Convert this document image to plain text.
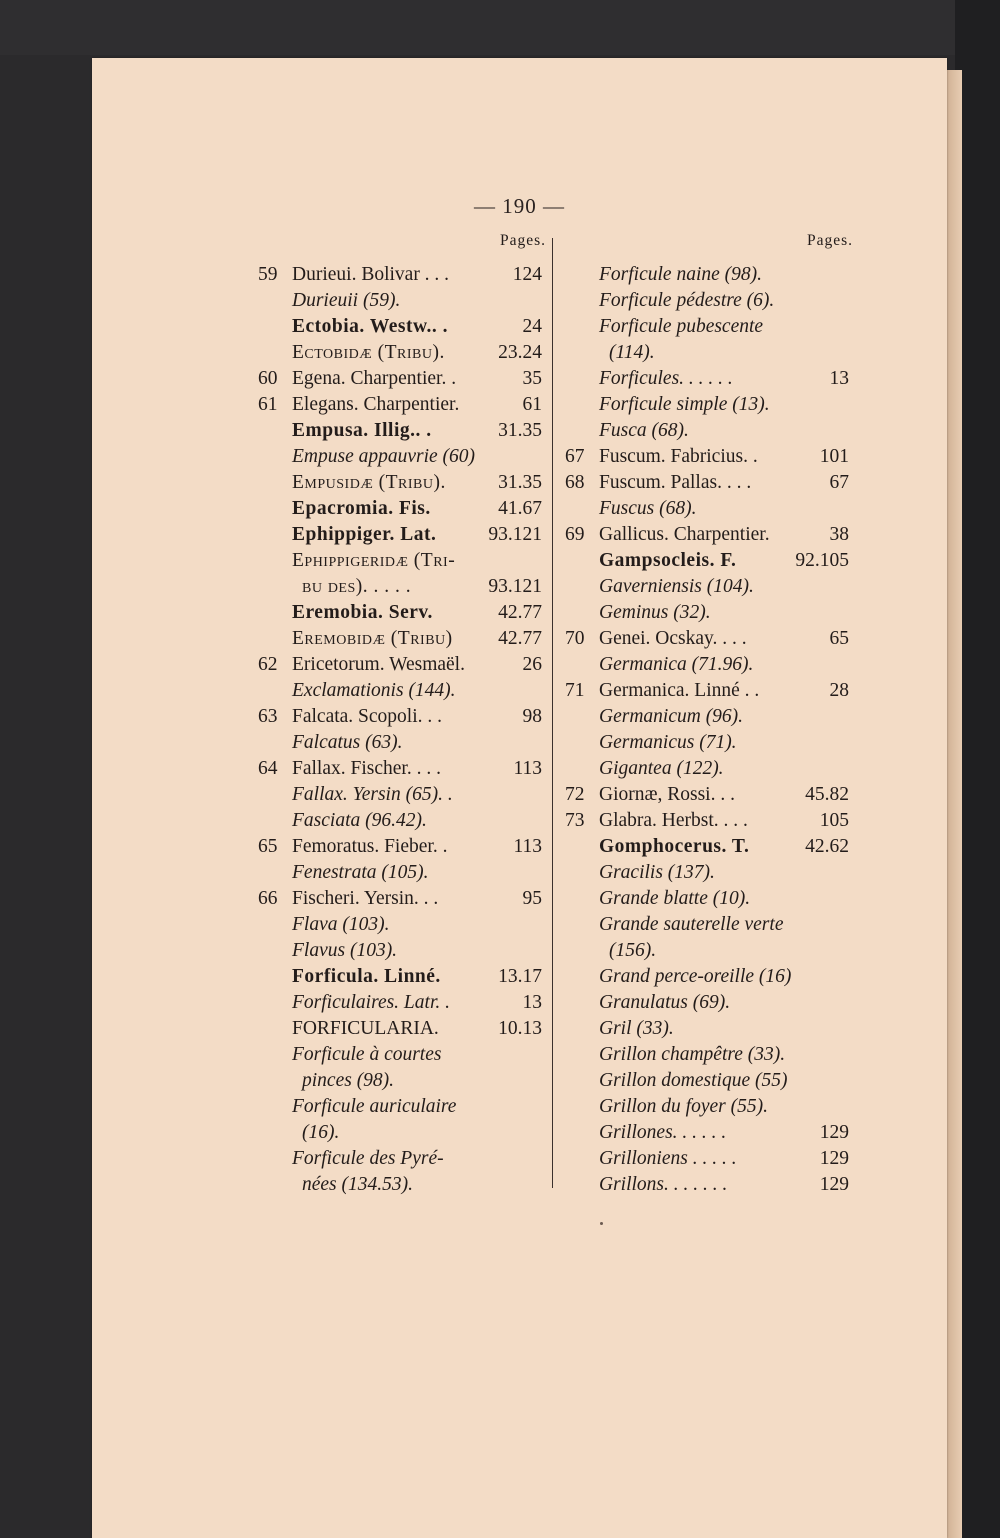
— 190 —
Pages.
59 Durieui. Bolivar . . .	124
Durieuii (59).
Ectobia. Westw.. .	24
Ectobidæ (Tribu).	23.24
60 Egena. Charpentier. .	35
61 Elegans. Charpentier.	61
Empusa. Illig.. .	31.35
Empuse appauvrie (60)
Empusidæ (Tribu).	31.35
Epacromia. Fis.	41.67
Ephippiger. Lat.	93.121
Ephippigeridæ (Tri-
bu des). . . . .	93.121
Eremobia. Serv.	42.77
Eremobidæ (Tribu) 42.77
62 Ericetorum. Wesmaël.	26
Exclamationis (144).
63 Falcata. Scopoli. . .	98
Falcatus (63).
64 Fallax. Fischer. . . .	113
Fallax. Yersin (65). .
Fasciata (96.42).
65 Femoratus. Fieber. .	113
Fenestrata (105).
66 Fischeri. Yersin. . .	95
Flava (103).
Flavus (103).
Forficula. Linné.	13.17
Forficulaires. Latr. .	13
FORFICULARIA.	10.13
Forficule à courtes
pinces (98).
Forficule auriculaire
(16).
Forficule des Pyré-
nées (134.53).
Pages.
Forficule naine (98).
Forficule pédestre (6).
Forficule pubescente
(114).
Forficules. . . . . .	13
Forficule simple (13).
Fusca (68).
67 Fuscum. Fabricius. .	101
68 Fuscum. Pallas. . . .	67
Fuscus (68).
69 Gallicus. Charpentier.	38
Gampsocleis. F.	92.105
Gaverniensis (104).
Geminus (32).
70 Genei. Ocskay. . . .	65
Germanica (71.96).
71 Germanica. Linné . .	28
Germanicum (96).
Germanicus (71).
Gigantea (122).
72 Giornæ, Rossi. . .	45.82
73 Glabra. Herbst. . . .	105
Gomphocerus. T.	42.62
Gracilis (137).
Grande blatte (10).
Grande sauterelle verte
(156).
Grand perce-oreille (16)
Granulatus (69).
Gril (33).
Grillon champêtre (33).
Grillon domestique (55)
Grillon du foyer (55).
Grillones. . . . . .	129
Grilloniens . . . . .	129
Grillons. . . . . . .	129
